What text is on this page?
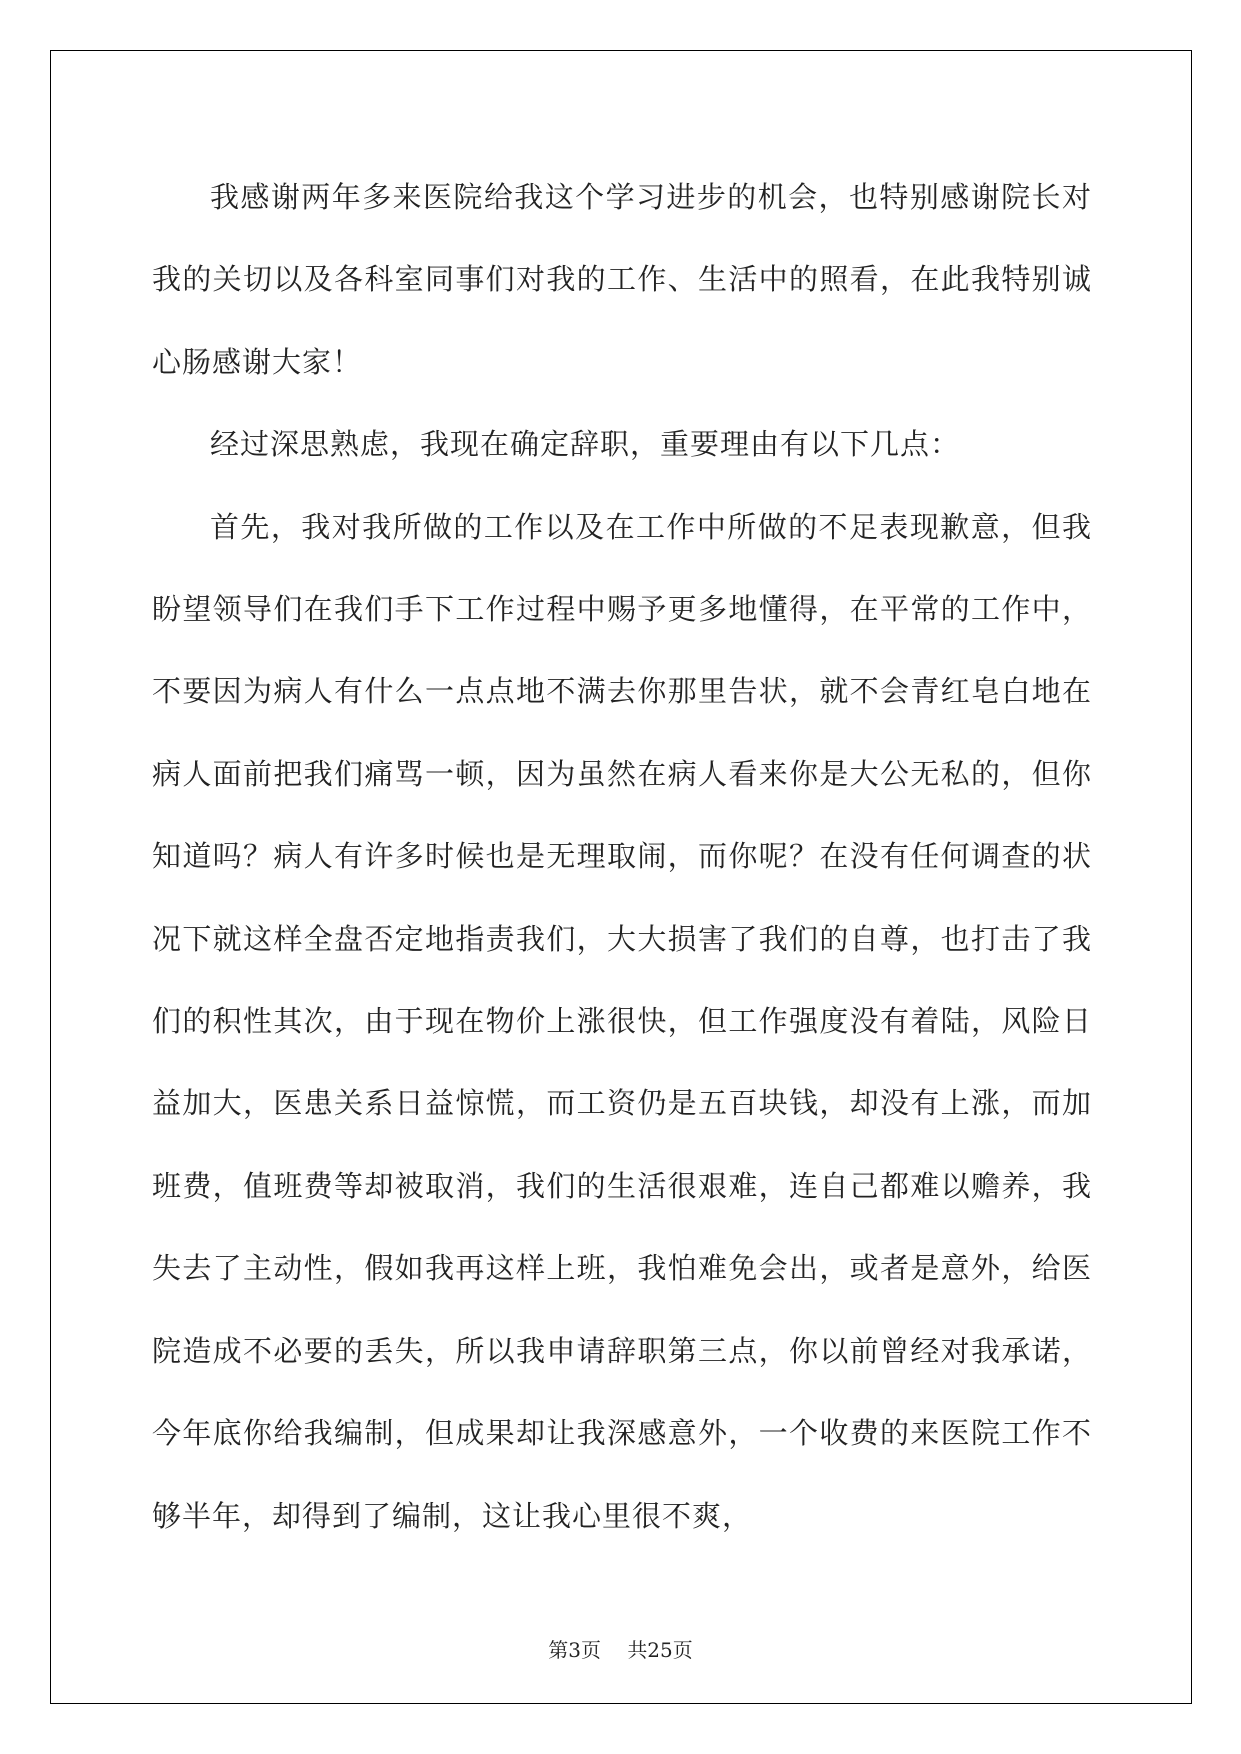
我感谢两年多来医院给我这个学习进步的机会，也特别感谢院长对我的关切以及各科室同事们对我的工作、生活中的照看，在此我特别诚心肠感谢大家！

经过深思熟虑，我现在确定辞职，重要理由有以下几点：

首先，我对我所做的工作以及在工作中所做的不足表现歉意，但我盼望领导们在我们手下工作过程中赐予更多地懂得，在平常的工作中，不要因为病人有什么一点点地不满去你那里告状，就不会青红皂白地在病人面前把我们痛骂一顿，因为虽然在病人看来你是大公无私的，但你知道吗？病人有许多时候也是无理取闹，而你呢？在没有任何调查的状况下就这样全盘否定地指责我们，大大损害了我们的自尊，也打击了我们的积性其次，由于现在物价上涨很快，但工作强度没有着陆，风险日益加大，医患关系日益惊慌，而工资仍是五百块钱，却没有上涨，而加班费，值班费等却被取消，我们的生活很艰难，连自己都难以赡养，我失去了主动性，假如我再这样上班，我怕难免会出，或者是意外，给医院造成不必要的丢失，所以我申请辞职第三点，你以前曾经对我承诺，今年底你给我编制，但成果却让我深感意外，一个收费的来医院工作不够半年，却得到了编制，这让我心里很不爽，

第3页 共25页
